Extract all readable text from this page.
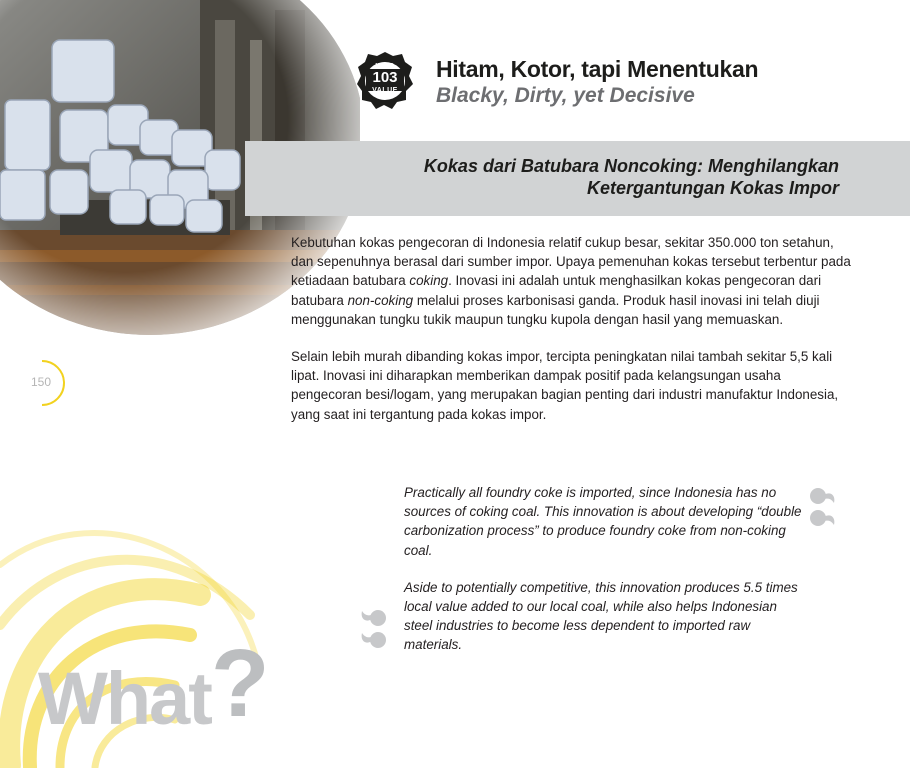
INNO
103
VALUE
Hitam, Kotor, tapi Menentukan
Blacky, Dirty, yet Decisive
Kokas dari Batubara Noncoking: Menghilangkan
Ketergantungan Kokas Impor
150

Kebutuhan kokas pengecoran di Indonesia relatif cukup besar, sekitar 350.000 ton setahun, dan sepenuhnya berasal dari sumber impor. Upaya pemenuhan kokas tersebut terbentur pada ketiadaan batubara coking. Inovasi ini adalah untuk menghasilkan kokas pengecoran dari batubara non-coking melalui proses karbonisasi ganda. Produk hasil inovasi ini telah diuji menggunakan tungku tukik maupun tungku kupola dengan hasil yang memuaskan.

Selain lebih murah dibanding kokas impor, tercipta peningkatan nilai tambah sekitar 5,5 kali lipat. Inovasi ini diharapkan memberikan dampak positif pada kelangsungan usaha pengecoran besi/logam, yang merupakan bagian penting dari industri manufaktur Indonesia, yang saat ini tergantung pada kokas impor.

Practically all foundry coke is imported, since Indonesia has no sources of coking coal. This innovation is about developing “double carbonization process” to produce foundry coke from non-coking coal.

Aside to potentially competitive, this innovation produces 5.5 times local value added to our local coal, while also helps Indonesian steel industries to become less dependent to imported raw materials.

What?
